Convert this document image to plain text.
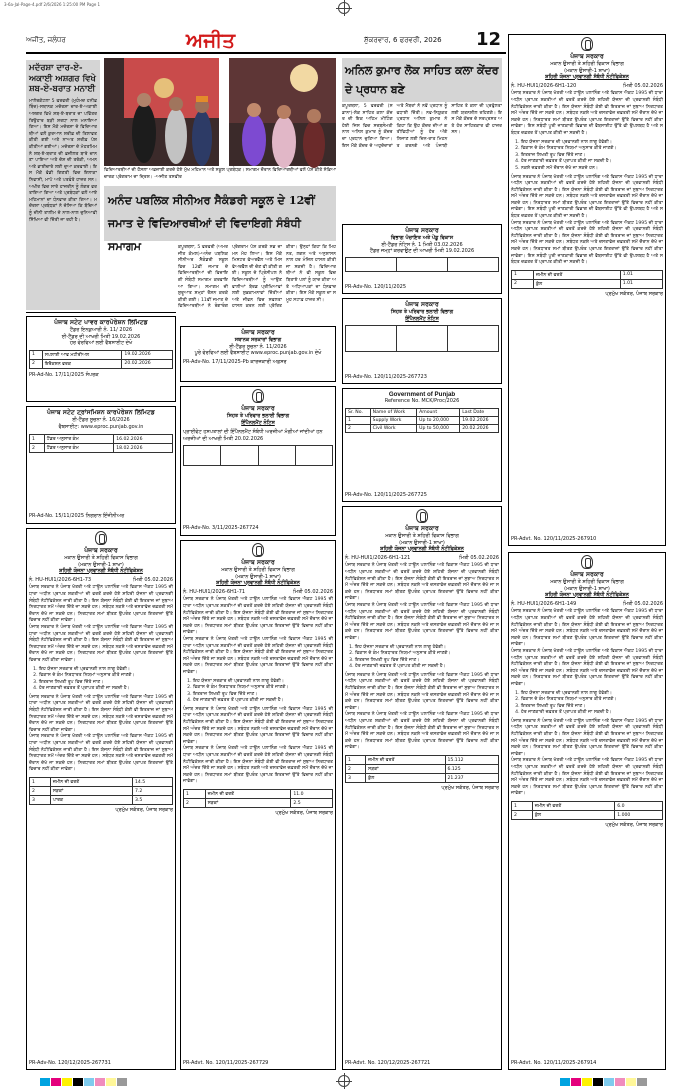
3-6a-Jal-Page-4.pdf 2/6/2026 1:25:00 PM Page 1
ਅਜੀਤ, ਜਲੰਧਰ	ਅਜੀਤ	ਸ਼ੁੱਕਰਵਾਰ, 6 ਫਰਵਰੀ, 2026 12
ਮਦੱਰਸ਼ਾ ਦਾਰ-ਏ- ਅਕਾਈ ਅਸ਼ਗਰ ਵਿਖੇ ਸ਼ਬ-ਏ-ਬਰਾਤ ਮਨਾਈ
ਮਾਲੇਰਕੋਟਲਾ 5 ਫਰਵਰੀ (ਮੁਹੰਮਦ ਹਨੀਫ਼ ਥਿੰਦ)-ਸਥਾਨਕ ਮਦੱਰਸ਼ਾ ਦਾਰ-ਏ-ਅਕਾਈ ਅਸ਼ਗਰ ਵਿਖੇ ਸ਼ਬ-ਏ-ਬਰਾਤ ਦਾ ਪਵਿੱਤਰ ਤਿਉਹਾਰ ਬੜੀ ਸ਼ਰਧਾ ਨਾਲ ਮਨਾਇਆ ਗਿਆ। ਇਸ ਮੌਕੇ ਮਦੱਰਸ਼ਾ ਦੇ ਵਿਦਿਆਰਥੀਆਂ ਵਲੋਂ ਕੁਰਆਨ ਸ਼ਰੀਫ਼ ਦੀ ਤਿਲਾਵਤ ਕੀਤੀ ਗਈ ਅਤੇ ਨਾਅਤ ਸ਼ਰੀਫ਼ ਪੇਸ਼ ਕੀਤੀਆਂ ਗਈਆਂ। ਮਦੱਰਸ਼ਾ ਦੇ ਮੋਹਤਮਿਮ ਨੇ ਸ਼ਬ-ਏ-ਬਰਾਤ ਦੀ ਫ਼ਜ਼ੀਲਤ ਬਾਰੇ ਚਾਨਣਾ ਪਾਇਆ ਅਤੇ ਦੇਸ਼ ਦੀ ਤਰੱਕੀ, ਅਮਨ ਅਤੇ ਭਾਈਚਾਰੇ ਲਈ ਦੁਆ ਕਰਵਾਈ। ਇਸ ਮੌਕੇ ਵੱਡੀ ਗਿਣਤੀ ਵਿਚ ਇਲਾਕਾ ਨਿਵਾਸੀ, ਮਾਪੇ ਅਤੇ ਪਤਵੰਤੇ ਹਾਜ਼ਰ ਸਨ। ਅਖੀਰ ਵਿਚ ਸਾਰੇ ਹਾਜ਼ਰੀਨ ਨੂੰ ਲੰਗਰ ਵਰਤਾਇਆ ਗਿਆ ਅਤੇ ਪ੍ਰਬੰਧਕਾਂ ਵਲੋਂ ਆਏ ਮਹਿਮਾਨਾਂ ਦਾ ਧੰਨਵਾਦ ਕੀਤਾ ਗਿਆ। ਮਦੱਰਸ਼ਾ ਪ੍ਰਬੰਧਕਾਂ ਨੇ ਦੱਸਿਆ ਕਿ ਬੱਚਿਆਂ ਨੂੰ ਦੀਨੀ ਤਾਲੀਮ ਦੇ ਨਾਲ-ਨਾਲ ਦੁਨਿਆਵੀ ਸਿੱਖਿਆ ਵੀ ਦਿੱਤੀ ਜਾ ਰਹੀ ਹੈ।
ਪੰਜਾਬ ਸਟੇਟ ਪਾਵਰ ਕਾਰਪੋਰੇਸ਼ਨ ਲਿਮਿਟਡ
ਟੈਂਡਰ ਇਨਕੁਆਰੀ ਨੰ. 11/ 2026
ਈ-ਟੈਂਡਰ ਦੀ ਆਖਰੀ ਮਿਤੀ 19.02.2026
ਹੋਰ ਵੇਰਵਿਆਂ ਲਈ ਵੈਬਸਾਈਟ ਦੇਖੋ
1	ਸਪਲਾਈ ਆਫ ਮਟੀਰੀਅਲ	19.02.2026
2	ਇਰੈਕਸ਼ਨ ਵਰਕ	20.02.2026
PR-Ad-No. 17/11/2025 ਸੰਪਰਕ
ਪੰਜਾਬ ਸਟੇਟ ਟ੍ਰਾਂਸਮਿਸ਼ਨ ਕਾਰਪੋਰੇਸ਼ਨ ਲਿਮਿਟਡ
ਈ-ਟੈਂਡਰ ਸੂਚਨਾ ਨੰ. 16/2026
ਵੈਬਸਾਈਟ: www.eproc.punjab.gov.in
1	ਟੈਂਡਰ ਅਨੁਸਾਰ ਕੰਮ	16.02.2026
2	ਟੈਂਡਰ ਅਨੁਸਾਰ ਕੰਮ	18.02.2026
PR-Ad-No. 15/11/2025 ਨਿਗਰਾਨ ਇੰਜੀਨੀਅਰ
ਵਿਦਿਆਰਥੀਆਂ ਦੀ ਹੌਸਲਾ ਅਫ਼ਜ਼ਾਈ ਕਰਦੇ ਹੋਏ ਮੁੱਖ ਮਹਿਮਾਨ ਅਤੇ ਸਕੂਲ ਪ੍ਰਬੰਧਕ। ਸਮਾਗਮ ਦੌਰਾਨ ਵਿਦਿਆਰਥੀਆਂ ਵਲੋਂ ਪੇਸ਼ ਕੀਤੇ ਸੱਭਿਆਚਾਰਕ ਪ੍ਰੋਗਰਾਮ ਦਾ ਦ੍ਰਿਸ਼। -ਅਜੀਤ ਤਸਵੀਰ
ਅਨੰਦ ਪਬਲਿਕ ਸੀਨੀਅਰ ਸੈਕੰਡਰੀ ਸਕੂਲ ਦੇ 12ਵੀਂ ਜਮਾਤ ਦੇ ਵਿਦਿਆਰਥੀਆਂ ਦੀ ਵਿਦਾਇਗੀ ਸੰਬੰਧੀ ਸਮਾਗਮ	ਕਪੂਰਥਲਾ, 5 ਫਰਵਰੀ (ਅਮਰਜੀਤ ਕੋਮਲ)-ਅਨੰਦ ਪਬਲਿਕ ਸੀਨੀਅਰ ਸੈਕੰਡਰੀ ਸਕੂਲ ਵਿਚ 12ਵੀਂ ਜਮਾਤ ਦੇ ਵਿਦਿਆਰਥੀਆਂ ਦੀ ਵਿਦਾਇਗੀ ਸੰਬੰਧੀ ਸਮਾਗਮ ਕਰਵਾਇਆ ਗਿਆ। ਸਮਾਗਮ ਦੀ ਸ਼ੁਰੂਆਤ ਸ਼ਮ੍ਹਾਂ ਰੌਸ਼ਨ ਕਰਕੇ ਕੀਤੀ ਗਈ। 11ਵੀਂ ਜਮਾਤ ਦੇ ਵਿਦਿਆਰਥੀਆਂ ਨੇ ਰੰਗਾਰੰਗ ਪ੍ਰੋਗਰਾਮ ਪੇਸ਼ ਕਰਕੇ ਸਭ ਦਾ ਮਨ ਮੋਹ ਲਿਆ। ਇਸ ਮੌਕੇ ਮਿਸਟਰ ਫੇਅਰਵੈੱਲ ਅਤੇ ਮਿਸ ਫੇਅਰਵੈੱਲ ਦੀ ਚੋਣ ਵੀ ਕੀਤੀ ਗਈ। ਸਕੂਲ ਦੇ ਪ੍ਰਿੰਸੀਪਲ ਨੇ ਵਿਦਿਆਰਥੀਆਂ ਨੂੰ ਆਉਣ ਵਾਲੀਆਂ ਬੋਰਡ ਪ੍ਰੀਖਿਆਵਾਂ ਲਈ ਸ਼ੁਭਕਾਮਨਾਵਾਂ ਦਿੱਤੀਆਂ ਅਤੇ ਜੀਵਨ ਵਿਚ ਸਫਲਤਾ ਹਾਸਲ ਕਰਨ ਲਈ ਪ੍ਰੇਰਿਤ ਕੀਤਾ। ਉਨ੍ਹਾਂ ਕਿਹਾ ਕਿ ਮਿਹਨਤ, ਲਗਨ ਅਤੇ ਅਨੁਸ਼ਾਸਨ ਨਾਲ ਹਰ ਮੰਜ਼ਿਲ ਹਾਸਲ ਕੀਤੀ ਜਾ ਸਕਦੀ ਹੈ। ਵਿਦਿਆਰਥੀਆਂ ਨੇ ਵੀ ਸਕੂਲ ਵਿਚ ਬਿਤਾਏ ਪਲਾਂ ਨੂੰ ਯਾਦ ਕੀਤਾ ਅਤੇ ਅਧਿਆਪਕਾਂ ਦਾ ਧੰਨਵਾਦ ਕੀਤਾ। ਇਸ ਮੌਕੇ ਸਕੂਲ ਦਾ ਸਮੂਹ ਸਟਾਫ਼ ਹਾਜ਼ਰ ਸੀ।
ਪੰਜਾਬ ਸਰਕਾਰ
ਸਥਾਨਕ ਸਰਕਾਰਾਂ ਵਿਭਾਗ
ਈ-ਟੈਂਡਰ ਸੂਚਨਾ ਨੰ. 11/2026
ਪੂਰੇ ਵੇਰਵਿਆਂ ਲਈ ਵੈਬਸਾਈਟ www.eproc.punjab.gov.in ਦੇਖੋ
PR-Adv-No. 17/11/2025-Pb ਕਾਰਜਕਾਰੀ ਅਫ਼ਸਰ
ਪੰਜਾਬ ਸਰਕਾਰ
ਸਿਹਤ ਤੇ ਪਰਿਵਾਰ ਭਲਾਈ ਵਿਭਾਗ
ਇੰਪੈਨਲਮੈਂਟ ਨੋਟਿਸ
ਪ੍ਰਾਈਵੇਟ ਹਸਪਤਾਲਾਂ ਦੀ ਇੰਪੈਨਲਮੈਂਟ ਸੰਬੰਧੀ ਅਰਜ਼ੀਆਂ ਮੰਗੀਆਂ ਜਾਂਦੀਆਂ ਹਨ
ਅਰਜ਼ੀਆਂ ਦੀ ਆਖਰੀ ਮਿਤੀ 20.02.2026

PR-Adv-No. 3/11/2025-267724
ਅਨਿਲ ਕੁਮਾਰ ਲੋਕ ਸਾਹਿਤ ਕਲਾ ਕੇਂਦਰ ਦੇ ਪ੍ਰਧਾਨ ਬਣੇ
ਕਪੂਰਥਲਾ, 5 ਫਰਵਰੀ (ਸਡਾਨਾ)-ਲੋਕ ਸਾਹਿਤ ਕਲਾ ਕੇਂਦਰ ਦੀ ਇਕ ਅਹਿਮ ਮੀਟਿੰਗ ਹੋਈ ਜਿਸ ਵਿਚ ਸਰਬਸੰਮਤੀ ਨਾਲ ਅਨਿਲ ਕੁਮਾਰ ਨੂੰ ਕੇਂਦਰ ਦਾ ਪ੍ਰਧਾਨ ਚੁਣਿਆ ਗਿਆ। ਇਸ ਮੌਕੇ ਕੇਂਦਰ ਦੇ ਅਹੁਦੇਦਾਰਾਂ ਅਤੇ ਮੈਂਬਰਾਂ ਨੇ ਨਵੇਂ ਪ੍ਰਧਾਨ ਨੂੰ ਵਧਾਈ ਦਿੱਤੀ। ਨਵ-ਨਿਯੁਕਤ ਪ੍ਰਧਾਨ ਅਨਿਲ ਕੁਮਾਰ ਨੇ ਕਿਹਾ ਕਿ ਉਹ ਕੇਂਦਰ ਦੀਆਂ ਗਤੀਵਿਧੀਆਂ ਨੂੰ ਹੋਰ ਅੱਗੇ ਲਿਜਾਣ ਲਈ ਦਿਨ-ਰਾਤ ਮਿਹਨਤ ਕਰਨਗੇ ਅਤੇ ਪੰਜਾਬੀ ਸਾਹਿਤ ਤੇ ਕਲਾ ਦੀ ਪ੍ਰਫੁੱਲਤਾ ਲਈ ਯਤਨਸ਼ੀਲ ਰਹਿਣਗੇ। ਇਸ ਮੌਕੇ ਕੇਂਦਰ ਦੇ ਸਰਪ੍ਰਸਤ ਅਤੇ ਹੋਰ ਸਾਹਿਤਕਾਰ ਵੀ ਹਾਜ਼ਰ ਸਨ।
ਪੰਜਾਬ ਸਰਕਾਰ
ਵਿਭਾਗ ਪੰਚਾਇਤ ਅਤੇ ਪੇਂਡੂ ਵਿਕਾਸ
ਈ-ਟੈਂਡਰ ਨੋਟਿਸ ਨੰ. 1 ਮਿਤੀ 03.02.2026
ਟੈਂਡਰ ਜਮ੍ਹਾਂ ਕਰਵਾਉਣ ਦੀ ਆਖਰੀ ਮਿਤੀ 19.02.2026

PR-Adv-No. 120/11/2025
ਪੰਜਾਬ ਸਰਕਾਰ
ਸਿਹਤ ਤੇ ਪਰਿਵਾਰ ਭਲਾਈ ਵਿਭਾਗ
ਇੰਪੈਨਲਮੈਂਟ ਨੋਟਿਸ

PR-Adv-No. 120/11/2025-267723
Government of Punjab
Reference No. MCK/Proc/2026
Sr. No.	Name of Work	Amount	Last Date
1	Supply Work	Up to 20,000	19.02.2026
2	Civil Work	Up to 50,000	20.02.2026
PR-Adv-No. 120/11/2025-267725
ਪੰਜਾਬ ਸਰਕਾਰ
ਮਕਾਨ ਉਸਾਰੀ ਤੇ ਸ਼ਹਿਰੀ ਵਿਕਾਸ ਵਿਭਾਗ
(ਮਕਾਨ ਉਸਾਰੀ-1 ਸ਼ਾਖਾ)
ਸ਼ਹਿਰੀ ਯੋਜਨਾ ਪ੍ਰਵਾਨਗੀ ਸੰਬੰਧੀ ਨੋਟੀਫਿਕੇਸ਼ਨ
ਨੰ. HU-HUI1/2026-6H1-120	ਮਿਤੀ 05.02.2026
ਪੰਜਾਬ ਸਰਕਾਰ ਨੇ ਪੰਜਾਬ ਖੇਤਰੀ ਅਤੇ ਟਾਊਨ ਪਲਾਨਿੰਗ ਅਤੇ ਵਿਕਾਸ ਐਕਟ 1995 ਦੀ ਧਾਰਾ ਅਧੀਨ ਪ੍ਰਾਪਤ ਸ਼ਕਤੀਆਂ ਦੀ ਵਰਤੋਂ ਕਰਦੇ ਹੋਏ ਸ਼ਹਿਰੀ ਯੋਜਨਾ ਦੀ ਪ੍ਰਵਾਨਗੀ ਸੰਬੰਧੀ ਨੋਟੀਫਿਕੇਸ਼ਨ ਜਾਰੀ ਕੀਤਾ ਹੈ। ਇਸ ਯੋਜਨਾ ਸੰਬੰਧੀ ਕੋਈ ਵੀ ਇਤਰਾਜ਼ ਜਾਂ ਸੁਝਾਅ ਨਿਰਧਾਰਤ ਸਮੇਂ ਅੰਦਰ ਦਿੱਤੇ ਜਾ ਸਕਦੇ ਹਨ। ਸਬੰਧਤ ਨਕਸ਼ੇ ਅਤੇ ਦਸਤਾਵੇਜ਼ ਦਫ਼ਤਰੀ ਸਮੇਂ ਦੌਰਾਨ ਦੇਖੇ ਜਾ ਸਕਦੇ ਹਨ। ਨਿਰਧਾਰਤ ਸਮਾਂ ਬੀਤਣ ਉਪਰੰਤ ਪ੍ਰਾਪਤ ਇਤਰਾਜ਼ਾਂ ਉੱਤੇ ਵਿਚਾਰ ਨਹੀਂ ਕੀਤਾ ਜਾਵੇਗਾ। ਇਸ ਸਬੰਧੀ ਪੂਰੀ ਜਾਣਕਾਰੀ ਵਿਭਾਗ ਦੀ ਵੈਬਸਾਈਟ ਉੱਤੇ ਵੀ ਉਪਲਬਧ ਹੈ ਅਤੇ ਸਬੰਧਤ ਦਫ਼ਤਰ ਤੋਂ ਪ੍ਰਾਪਤ ਕੀਤੀ ਜਾ ਸਕਦੀ ਹੈ।
1. ਇਹ ਯੋਜਨਾ ਸਰਕਾਰ ਦੀ ਪ੍ਰਵਾਨਗੀ ਨਾਲ ਲਾਗੂ ਹੋਵੇਗੀ।
2. ਵਿਕਾਸ ਦੇ ਕੰਮ ਨਿਰਧਾਰਤ ਨਿਯਮਾਂ ਅਨੁਸਾਰ ਕੀਤੇ ਜਾਣਗੇ।
3. ਇਤਰਾਜ਼ ਲਿਖਤੀ ਰੂਪ ਵਿਚ ਦਿੱਤੇ ਜਾਣ।
4. ਹੋਰ ਜਾਣਕਾਰੀ ਦਫ਼ਤਰ ਤੋਂ ਪ੍ਰਾਪਤ ਕੀਤੀ ਜਾ ਸਕਦੀ ਹੈ।
5. ਨਕਸ਼ੇ ਦਫ਼ਤਰੀ ਸਮੇਂ ਦੌਰਾਨ ਦੇਖੇ ਜਾ ਸਕਦੇ ਹਨ।
ਪੰਜਾਬ ਸਰਕਾਰ ਨੇ ਪੰਜਾਬ ਖੇਤਰੀ ਅਤੇ ਟਾਊਨ ਪਲਾਨਿੰਗ ਅਤੇ ਵਿਕਾਸ ਐਕਟ 1995 ਦੀ ਧਾਰਾ ਅਧੀਨ ਪ੍ਰਾਪਤ ਸ਼ਕਤੀਆਂ ਦੀ ਵਰਤੋਂ ਕਰਦੇ ਹੋਏ ਸ਼ਹਿਰੀ ਯੋਜਨਾ ਦੀ ਪ੍ਰਵਾਨਗੀ ਸੰਬੰਧੀ ਨੋਟੀਫਿਕੇਸ਼ਨ ਜਾਰੀ ਕੀਤਾ ਹੈ। ਇਸ ਯੋਜਨਾ ਸੰਬੰਧੀ ਕੋਈ ਵੀ ਇਤਰਾਜ਼ ਜਾਂ ਸੁਝਾਅ ਨਿਰਧਾਰਤ ਸਮੇਂ ਅੰਦਰ ਦਿੱਤੇ ਜਾ ਸਕਦੇ ਹਨ। ਸਬੰਧਤ ਨਕਸ਼ੇ ਅਤੇ ਦਸਤਾਵੇਜ਼ ਦਫ਼ਤਰੀ ਸਮੇਂ ਦੌਰਾਨ ਦੇਖੇ ਜਾ ਸਕਦੇ ਹਨ। ਨਿਰਧਾਰਤ ਸਮਾਂ ਬੀਤਣ ਉਪਰੰਤ ਪ੍ਰਾਪਤ ਇਤਰਾਜ਼ਾਂ ਉੱਤੇ ਵਿਚਾਰ ਨਹੀਂ ਕੀਤਾ ਜਾਵੇਗਾ। ਇਸ ਸਬੰਧੀ ਪੂਰੀ ਜਾਣਕਾਰੀ ਵਿਭਾਗ ਦੀ ਵੈਬਸਾਈਟ ਉੱਤੇ ਵੀ ਉਪਲਬਧ ਹੈ ਅਤੇ ਸਬੰਧਤ ਦਫ਼ਤਰ ਤੋਂ ਪ੍ਰਾਪਤ ਕੀਤੀ ਜਾ ਸਕਦੀ ਹੈ।
ਪੰਜਾਬ ਸਰਕਾਰ ਨੇ ਪੰਜਾਬ ਖੇਤਰੀ ਅਤੇ ਟਾਊਨ ਪਲਾਨਿੰਗ ਅਤੇ ਵਿਕਾਸ ਐਕਟ 1995 ਦੀ ਧਾਰਾ ਅਧੀਨ ਪ੍ਰਾਪਤ ਸ਼ਕਤੀਆਂ ਦੀ ਵਰਤੋਂ ਕਰਦੇ ਹੋਏ ਸ਼ਹਿਰੀ ਯੋਜਨਾ ਦੀ ਪ੍ਰਵਾਨਗੀ ਸੰਬੰਧੀ ਨੋਟੀਫਿਕੇਸ਼ਨ ਜਾਰੀ ਕੀਤਾ ਹੈ। ਇਸ ਯੋਜਨਾ ਸੰਬੰਧੀ ਕੋਈ ਵੀ ਇਤਰਾਜ਼ ਜਾਂ ਸੁਝਾਅ ਨਿਰਧਾਰਤ ਸਮੇਂ ਅੰਦਰ ਦਿੱਤੇ ਜਾ ਸਕਦੇ ਹਨ। ਸਬੰਧਤ ਨਕਸ਼ੇ ਅਤੇ ਦਸਤਾਵੇਜ਼ ਦਫ਼ਤਰੀ ਸਮੇਂ ਦੌਰਾਨ ਦੇਖੇ ਜਾ ਸਕਦੇ ਹਨ। ਨਿਰਧਾਰਤ ਸਮਾਂ ਬੀਤਣ ਉਪਰੰਤ ਪ੍ਰਾਪਤ ਇਤਰਾਜ਼ਾਂ ਉੱਤੇ ਵਿਚਾਰ ਨਹੀਂ ਕੀਤਾ ਜਾਵੇਗਾ। ਇਸ ਸਬੰਧੀ ਪੂਰੀ ਜਾਣਕਾਰੀ ਵਿਭਾਗ ਦੀ ਵੈਬਸਾਈਟ ਉੱਤੇ ਵੀ ਉਪਲਬਧ ਹੈ ਅਤੇ ਸਬੰਧਤ ਦਫ਼ਤਰ ਤੋਂ ਪ੍ਰਾਪਤ ਕੀਤੀ ਜਾ ਸਕਦੀ ਹੈ।
1	ਜ਼ਮੀਨ ਦੀ ਵਰਤੋਂ	1.01
2	ਕੁੱਲ	1.01
ਪ੍ਰਮੁੱਖ ਸਕੱਤਰ, ਪੰਜਾਬ ਸਰਕਾਰ
PR-Advt. No. 120/11/2025-267910
ਪੰਜਾਬ ਸਰਕਾਰ
ਮਕਾਨ ਉਸਾਰੀ ਤੇ ਸ਼ਹਿਰੀ ਵਿਕਾਸ ਵਿਭਾਗ
(ਮਕਾਨ ਉਸਾਰੀ-1 ਸ਼ਾਖਾ)
ਸ਼ਹਿਰੀ ਯੋਜਨਾ ਪ੍ਰਵਾਨਗੀ ਸੰਬੰਧੀ ਨੋਟੀਫਿਕੇਸ਼ਨ
ਨੰ. HU-HUI1/2026-6H1-73	ਮਿਤੀ 05.02.2026
ਪੰਜਾਬ ਸਰਕਾਰ ਨੇ ਪੰਜਾਬ ਖੇਤਰੀ ਅਤੇ ਟਾਊਨ ਪਲਾਨਿੰਗ ਅਤੇ ਵਿਕਾਸ ਐਕਟ 1995 ਦੀ ਧਾਰਾ ਅਧੀਨ ਪ੍ਰਾਪਤ ਸ਼ਕਤੀਆਂ ਦੀ ਵਰਤੋਂ ਕਰਦੇ ਹੋਏ ਸ਼ਹਿਰੀ ਯੋਜਨਾ ਦੀ ਪ੍ਰਵਾਨਗੀ ਸੰਬੰਧੀ ਨੋਟੀਫਿਕੇਸ਼ਨ ਜਾਰੀ ਕੀਤਾ ਹੈ। ਇਸ ਯੋਜਨਾ ਸੰਬੰਧੀ ਕੋਈ ਵੀ ਇਤਰਾਜ਼ ਜਾਂ ਸੁਝਾਅ ਨਿਰਧਾਰਤ ਸਮੇਂ ਅੰਦਰ ਦਿੱਤੇ ਜਾ ਸਕਦੇ ਹਨ। ਸਬੰਧਤ ਨਕਸ਼ੇ ਅਤੇ ਦਸਤਾਵੇਜ਼ ਦਫ਼ਤਰੀ ਸਮੇਂ ਦੌਰਾਨ ਦੇਖੇ ਜਾ ਸਕਦੇ ਹਨ। ਨਿਰਧਾਰਤ ਸਮਾਂ ਬੀਤਣ ਉਪਰੰਤ ਪ੍ਰਾਪਤ ਇਤਰਾਜ਼ਾਂ ਉੱਤੇ ਵਿਚਾਰ ਨਹੀਂ ਕੀਤਾ ਜਾਵੇਗਾ।
ਪੰਜਾਬ ਸਰਕਾਰ ਨੇ ਪੰਜਾਬ ਖੇਤਰੀ ਅਤੇ ਟਾਊਨ ਪਲਾਨਿੰਗ ਅਤੇ ਵਿਕਾਸ ਐਕਟ 1995 ਦੀ ਧਾਰਾ ਅਧੀਨ ਪ੍ਰਾਪਤ ਸ਼ਕਤੀਆਂ ਦੀ ਵਰਤੋਂ ਕਰਦੇ ਹੋਏ ਸ਼ਹਿਰੀ ਯੋਜਨਾ ਦੀ ਪ੍ਰਵਾਨਗੀ ਸੰਬੰਧੀ ਨੋਟੀਫਿਕੇਸ਼ਨ ਜਾਰੀ ਕੀਤਾ ਹੈ। ਇਸ ਯੋਜਨਾ ਸੰਬੰਧੀ ਕੋਈ ਵੀ ਇਤਰਾਜ਼ ਜਾਂ ਸੁਝਾਅ ਨਿਰਧਾਰਤ ਸਮੇਂ ਅੰਦਰ ਦਿੱਤੇ ਜਾ ਸਕਦੇ ਹਨ। ਸਬੰਧਤ ਨਕਸ਼ੇ ਅਤੇ ਦਸਤਾਵੇਜ਼ ਦਫ਼ਤਰੀ ਸਮੇਂ ਦੌਰਾਨ ਦੇਖੇ ਜਾ ਸਕਦੇ ਹਨ। ਨਿਰਧਾਰਤ ਸਮਾਂ ਬੀਤਣ ਉਪਰੰਤ ਪ੍ਰਾਪਤ ਇਤਰਾਜ਼ਾਂ ਉੱਤੇ ਵਿਚਾਰ ਨਹੀਂ ਕੀਤਾ ਜਾਵੇਗਾ।
1. ਇਹ ਯੋਜਨਾ ਸਰਕਾਰ ਦੀ ਪ੍ਰਵਾਨਗੀ ਨਾਲ ਲਾਗੂ ਹੋਵੇਗੀ।
2. ਵਿਕਾਸ ਦੇ ਕੰਮ ਨਿਰਧਾਰਤ ਨਿਯਮਾਂ ਅਨੁਸਾਰ ਕੀਤੇ ਜਾਣਗੇ।
3. ਇਤਰਾਜ਼ ਲਿਖਤੀ ਰੂਪ ਵਿਚ ਦਿੱਤੇ ਜਾਣ।
4. ਹੋਰ ਜਾਣਕਾਰੀ ਦਫ਼ਤਰ ਤੋਂ ਪ੍ਰਾਪਤ ਕੀਤੀ ਜਾ ਸਕਦੀ ਹੈ।
ਪੰਜਾਬ ਸਰਕਾਰ ਨੇ ਪੰਜਾਬ ਖੇਤਰੀ ਅਤੇ ਟਾਊਨ ਪਲਾਨਿੰਗ ਅਤੇ ਵਿਕਾਸ ਐਕਟ 1995 ਦੀ ਧਾਰਾ ਅਧੀਨ ਪ੍ਰਾਪਤ ਸ਼ਕਤੀਆਂ ਦੀ ਵਰਤੋਂ ਕਰਦੇ ਹੋਏ ਸ਼ਹਿਰੀ ਯੋਜਨਾ ਦੀ ਪ੍ਰਵਾਨਗੀ ਸੰਬੰਧੀ ਨੋਟੀਫਿਕੇਸ਼ਨ ਜਾਰੀ ਕੀਤਾ ਹੈ। ਇਸ ਯੋਜਨਾ ਸੰਬੰਧੀ ਕੋਈ ਵੀ ਇਤਰਾਜ਼ ਜਾਂ ਸੁਝਾਅ ਨਿਰਧਾਰਤ ਸਮੇਂ ਅੰਦਰ ਦਿੱਤੇ ਜਾ ਸਕਦੇ ਹਨ। ਸਬੰਧਤ ਨਕਸ਼ੇ ਅਤੇ ਦਸਤਾਵੇਜ਼ ਦਫ਼ਤਰੀ ਸਮੇਂ ਦੌਰਾਨ ਦੇਖੇ ਜਾ ਸਕਦੇ ਹਨ। ਨਿਰਧਾਰਤ ਸਮਾਂ ਬੀਤਣ ਉਪਰੰਤ ਪ੍ਰਾਪਤ ਇਤਰਾਜ਼ਾਂ ਉੱਤੇ ਵਿਚਾਰ ਨਹੀਂ ਕੀਤਾ ਜਾਵੇਗਾ।
ਪੰਜਾਬ ਸਰਕਾਰ ਨੇ ਪੰਜਾਬ ਖੇਤਰੀ ਅਤੇ ਟਾਊਨ ਪਲਾਨਿੰਗ ਅਤੇ ਵਿਕਾਸ ਐਕਟ 1995 ਦੀ ਧਾਰਾ ਅਧੀਨ ਪ੍ਰਾਪਤ ਸ਼ਕਤੀਆਂ ਦੀ ਵਰਤੋਂ ਕਰਦੇ ਹੋਏ ਸ਼ਹਿਰੀ ਯੋਜਨਾ ਦੀ ਪ੍ਰਵਾਨਗੀ ਸੰਬੰਧੀ ਨੋਟੀਫਿਕੇਸ਼ਨ ਜਾਰੀ ਕੀਤਾ ਹੈ। ਇਸ ਯੋਜਨਾ ਸੰਬੰਧੀ ਕੋਈ ਵੀ ਇਤਰਾਜ਼ ਜਾਂ ਸੁਝਾਅ ਨਿਰਧਾਰਤ ਸਮੇਂ ਅੰਦਰ ਦਿੱਤੇ ਜਾ ਸਕਦੇ ਹਨ। ਸਬੰਧਤ ਨਕਸ਼ੇ ਅਤੇ ਦਸਤਾਵੇਜ਼ ਦਫ਼ਤਰੀ ਸਮੇਂ ਦੌਰਾਨ ਦੇਖੇ ਜਾ ਸਕਦੇ ਹਨ। ਨਿਰਧਾਰਤ ਸਮਾਂ ਬੀਤਣ ਉਪਰੰਤ ਪ੍ਰਾਪਤ ਇਤਰਾਜ਼ਾਂ ਉੱਤੇ ਵਿਚਾਰ ਨਹੀਂ ਕੀਤਾ ਜਾਵੇਗਾ।
1	ਜ਼ਮੀਨ ਦੀ ਵਰਤੋਂ	14.5
2	ਸੜਕਾਂ	7.2
3	ਪਾਰਕ	3.5
ਪ੍ਰਮੁੱਖ ਸਕੱਤਰ, ਪੰਜਾਬ ਸਰਕਾਰ
PR-Adv-No. 120/12/2025-267731
ਪੰਜਾਬ ਸਰਕਾਰ
ਮਕਾਨ ਉਸਾਰੀ ਤੇ ਸ਼ਹਿਰੀ ਵਿਕਾਸ ਵਿਭਾਗ
(ਮਕਾਨ ਉਸਾਰੀ-1 ਸ਼ਾਖਾ)
ਸ਼ਹਿਰੀ ਯੋਜਨਾ ਪ੍ਰਵਾਨਗੀ ਸੰਬੰਧੀ ਨੋਟੀਫਿਕੇਸ਼ਨ
ਨੰ. HU-HUI1/2026-6H1-71	ਮਿਤੀ 05.02.2026
ਪੰਜਾਬ ਸਰਕਾਰ ਨੇ ਪੰਜਾਬ ਖੇਤਰੀ ਅਤੇ ਟਾਊਨ ਪਲਾਨਿੰਗ ਅਤੇ ਵਿਕਾਸ ਐਕਟ 1995 ਦੀ ਧਾਰਾ ਅਧੀਨ ਪ੍ਰਾਪਤ ਸ਼ਕਤੀਆਂ ਦੀ ਵਰਤੋਂ ਕਰਦੇ ਹੋਏ ਸ਼ਹਿਰੀ ਯੋਜਨਾ ਦੀ ਪ੍ਰਵਾਨਗੀ ਸੰਬੰਧੀ ਨੋਟੀਫਿਕੇਸ਼ਨ ਜਾਰੀ ਕੀਤਾ ਹੈ। ਇਸ ਯੋਜਨਾ ਸੰਬੰਧੀ ਕੋਈ ਵੀ ਇਤਰਾਜ਼ ਜਾਂ ਸੁਝਾਅ ਨਿਰਧਾਰਤ ਸਮੇਂ ਅੰਦਰ ਦਿੱਤੇ ਜਾ ਸਕਦੇ ਹਨ। ਸਬੰਧਤ ਨਕਸ਼ੇ ਅਤੇ ਦਸਤਾਵੇਜ਼ ਦਫ਼ਤਰੀ ਸਮੇਂ ਦੌਰਾਨ ਦੇਖੇ ਜਾ ਸਕਦੇ ਹਨ। ਨਿਰਧਾਰਤ ਸਮਾਂ ਬੀਤਣ ਉਪਰੰਤ ਪ੍ਰਾਪਤ ਇਤਰਾਜ਼ਾਂ ਉੱਤੇ ਵਿਚਾਰ ਨਹੀਂ ਕੀਤਾ ਜਾਵੇਗਾ।
ਪੰਜਾਬ ਸਰਕਾਰ ਨੇ ਪੰਜਾਬ ਖੇਤਰੀ ਅਤੇ ਟਾਊਨ ਪਲਾਨਿੰਗ ਅਤੇ ਵਿਕਾਸ ਐਕਟ 1995 ਦੀ ਧਾਰਾ ਅਧੀਨ ਪ੍ਰਾਪਤ ਸ਼ਕਤੀਆਂ ਦੀ ਵਰਤੋਂ ਕਰਦੇ ਹੋਏ ਸ਼ਹਿਰੀ ਯੋਜਨਾ ਦੀ ਪ੍ਰਵਾਨਗੀ ਸੰਬੰਧੀ ਨੋਟੀਫਿਕੇਸ਼ਨ ਜਾਰੀ ਕੀਤਾ ਹੈ। ਇਸ ਯੋਜਨਾ ਸੰਬੰਧੀ ਕੋਈ ਵੀ ਇਤਰਾਜ਼ ਜਾਂ ਸੁਝਾਅ ਨਿਰਧਾਰਤ ਸਮੇਂ ਅੰਦਰ ਦਿੱਤੇ ਜਾ ਸਕਦੇ ਹਨ। ਸਬੰਧਤ ਨਕਸ਼ੇ ਅਤੇ ਦਸਤਾਵੇਜ਼ ਦਫ਼ਤਰੀ ਸਮੇਂ ਦੌਰਾਨ ਦੇਖੇ ਜਾ ਸਕਦੇ ਹਨ। ਨਿਰਧਾਰਤ ਸਮਾਂ ਬੀਤਣ ਉਪਰੰਤ ਪ੍ਰਾਪਤ ਇਤਰਾਜ਼ਾਂ ਉੱਤੇ ਵਿਚਾਰ ਨਹੀਂ ਕੀਤਾ ਜਾਵੇਗਾ।
1. ਇਹ ਯੋਜਨਾ ਸਰਕਾਰ ਦੀ ਪ੍ਰਵਾਨਗੀ ਨਾਲ ਲਾਗੂ ਹੋਵੇਗੀ।
2. ਵਿਕਾਸ ਦੇ ਕੰਮ ਨਿਰਧਾਰਤ ਨਿਯਮਾਂ ਅਨੁਸਾਰ ਕੀਤੇ ਜਾਣਗੇ।
3. ਇਤਰਾਜ਼ ਲਿਖਤੀ ਰੂਪ ਵਿਚ ਦਿੱਤੇ ਜਾਣ।
4. ਹੋਰ ਜਾਣਕਾਰੀ ਦਫ਼ਤਰ ਤੋਂ ਪ੍ਰਾਪਤ ਕੀਤੀ ਜਾ ਸਕਦੀ ਹੈ।
ਪੰਜਾਬ ਸਰਕਾਰ ਨੇ ਪੰਜਾਬ ਖੇਤਰੀ ਅਤੇ ਟਾਊਨ ਪਲਾਨਿੰਗ ਅਤੇ ਵਿਕਾਸ ਐਕਟ 1995 ਦੀ ਧਾਰਾ ਅਧੀਨ ਪ੍ਰਾਪਤ ਸ਼ਕਤੀਆਂ ਦੀ ਵਰਤੋਂ ਕਰਦੇ ਹੋਏ ਸ਼ਹਿਰੀ ਯੋਜਨਾ ਦੀ ਪ੍ਰਵਾਨਗੀ ਸੰਬੰਧੀ ਨੋਟੀਫਿਕੇਸ਼ਨ ਜਾਰੀ ਕੀਤਾ ਹੈ। ਇਸ ਯੋਜਨਾ ਸੰਬੰਧੀ ਕੋਈ ਵੀ ਇਤਰਾਜ਼ ਜਾਂ ਸੁਝਾਅ ਨਿਰਧਾਰਤ ਸਮੇਂ ਅੰਦਰ ਦਿੱਤੇ ਜਾ ਸਕਦੇ ਹਨ। ਸਬੰਧਤ ਨਕਸ਼ੇ ਅਤੇ ਦਸਤਾਵੇਜ਼ ਦਫ਼ਤਰੀ ਸਮੇਂ ਦੌਰਾਨ ਦੇਖੇ ਜਾ ਸਕਦੇ ਹਨ। ਨਿਰਧਾਰਤ ਸਮਾਂ ਬੀਤਣ ਉਪਰੰਤ ਪ੍ਰਾਪਤ ਇਤਰਾਜ਼ਾਂ ਉੱਤੇ ਵਿਚਾਰ ਨਹੀਂ ਕੀਤਾ ਜਾਵੇਗਾ।
ਪੰਜਾਬ ਸਰਕਾਰ ਨੇ ਪੰਜਾਬ ਖੇਤਰੀ ਅਤੇ ਟਾਊਨ ਪਲਾਨਿੰਗ ਅਤੇ ਵਿਕਾਸ ਐਕਟ 1995 ਦੀ ਧਾਰਾ ਅਧੀਨ ਪ੍ਰਾਪਤ ਸ਼ਕਤੀਆਂ ਦੀ ਵਰਤੋਂ ਕਰਦੇ ਹੋਏ ਸ਼ਹਿਰੀ ਯੋਜਨਾ ਦੀ ਪ੍ਰਵਾਨਗੀ ਸੰਬੰਧੀ ਨੋਟੀਫਿਕੇਸ਼ਨ ਜਾਰੀ ਕੀਤਾ ਹੈ। ਇਸ ਯੋਜਨਾ ਸੰਬੰਧੀ ਕੋਈ ਵੀ ਇਤਰਾਜ਼ ਜਾਂ ਸੁਝਾਅ ਨਿਰਧਾਰਤ ਸਮੇਂ ਅੰਦਰ ਦਿੱਤੇ ਜਾ ਸਕਦੇ ਹਨ। ਸਬੰਧਤ ਨਕਸ਼ੇ ਅਤੇ ਦਸਤਾਵੇਜ਼ ਦਫ਼ਤਰੀ ਸਮੇਂ ਦੌਰਾਨ ਦੇਖੇ ਜਾ ਸਕਦੇ ਹਨ। ਨਿਰਧਾਰਤ ਸਮਾਂ ਬੀਤਣ ਉਪਰੰਤ ਪ੍ਰਾਪਤ ਇਤਰਾਜ਼ਾਂ ਉੱਤੇ ਵਿਚਾਰ ਨਹੀਂ ਕੀਤਾ ਜਾਵੇਗਾ।
1	ਜ਼ਮੀਨ ਦੀ ਵਰਤੋਂ	11.0
2	ਸੜਕਾਂ	2.5
ਪ੍ਰਮੁੱਖ ਸਕੱਤਰ, ਪੰਜਾਬ ਸਰਕਾਰ
PR-Advt. No. 120/11/2025-267729
ਪੰਜਾਬ ਸਰਕਾਰ
ਮਕਾਨ ਉਸਾਰੀ ਤੇ ਸ਼ਹਿਰੀ ਵਿਕਾਸ ਵਿਭਾਗ
(ਮਕਾਨ ਉਸਾਰੀ-1 ਸ਼ਾਖਾ)
ਸ਼ਹਿਰੀ ਯੋਜਨਾ ਪ੍ਰਵਾਨਗੀ ਸੰਬੰਧੀ ਨੋਟੀਫਿਕੇਸ਼ਨ
ਨੰ. HU-HUI1/2026-6H1-121	ਮਿਤੀ 05.02.2026
ਪੰਜਾਬ ਸਰਕਾਰ ਨੇ ਪੰਜਾਬ ਖੇਤਰੀ ਅਤੇ ਟਾਊਨ ਪਲਾਨਿੰਗ ਅਤੇ ਵਿਕਾਸ ਐਕਟ 1995 ਦੀ ਧਾਰਾ ਅਧੀਨ ਪ੍ਰਾਪਤ ਸ਼ਕਤੀਆਂ ਦੀ ਵਰਤੋਂ ਕਰਦੇ ਹੋਏ ਸ਼ਹਿਰੀ ਯੋਜਨਾ ਦੀ ਪ੍ਰਵਾਨਗੀ ਸੰਬੰਧੀ ਨੋਟੀਫਿਕੇਸ਼ਨ ਜਾਰੀ ਕੀਤਾ ਹੈ। ਇਸ ਯੋਜਨਾ ਸੰਬੰਧੀ ਕੋਈ ਵੀ ਇਤਰਾਜ਼ ਜਾਂ ਸੁਝਾਅ ਨਿਰਧਾਰਤ ਸਮੇਂ ਅੰਦਰ ਦਿੱਤੇ ਜਾ ਸਕਦੇ ਹਨ। ਸਬੰਧਤ ਨਕਸ਼ੇ ਅਤੇ ਦਸਤਾਵੇਜ਼ ਦਫ਼ਤਰੀ ਸਮੇਂ ਦੌਰਾਨ ਦੇਖੇ ਜਾ ਸਕਦੇ ਹਨ। ਨਿਰਧਾਰਤ ਸਮਾਂ ਬੀਤਣ ਉਪਰੰਤ ਪ੍ਰਾਪਤ ਇਤਰਾਜ਼ਾਂ ਉੱਤੇ ਵਿਚਾਰ ਨਹੀਂ ਕੀਤਾ ਜਾਵੇਗਾ।
ਪੰਜਾਬ ਸਰਕਾਰ ਨੇ ਪੰਜਾਬ ਖੇਤਰੀ ਅਤੇ ਟਾਊਨ ਪਲਾਨਿੰਗ ਅਤੇ ਵਿਕਾਸ ਐਕਟ 1995 ਦੀ ਧਾਰਾ ਅਧੀਨ ਪ੍ਰਾਪਤ ਸ਼ਕਤੀਆਂ ਦੀ ਵਰਤੋਂ ਕਰਦੇ ਹੋਏ ਸ਼ਹਿਰੀ ਯੋਜਨਾ ਦੀ ਪ੍ਰਵਾਨਗੀ ਸੰਬੰਧੀ ਨੋਟੀਫਿਕੇਸ਼ਨ ਜਾਰੀ ਕੀਤਾ ਹੈ। ਇਸ ਯੋਜਨਾ ਸੰਬੰਧੀ ਕੋਈ ਵੀ ਇਤਰਾਜ਼ ਜਾਂ ਸੁਝਾਅ ਨਿਰਧਾਰਤ ਸਮੇਂ ਅੰਦਰ ਦਿੱਤੇ ਜਾ ਸਕਦੇ ਹਨ। ਸਬੰਧਤ ਨਕਸ਼ੇ ਅਤੇ ਦਸਤਾਵੇਜ਼ ਦਫ਼ਤਰੀ ਸਮੇਂ ਦੌਰਾਨ ਦੇਖੇ ਜਾ ਸਕਦੇ ਹਨ। ਨਿਰਧਾਰਤ ਸਮਾਂ ਬੀਤਣ ਉਪਰੰਤ ਪ੍ਰਾਪਤ ਇਤਰਾਜ਼ਾਂ ਉੱਤੇ ਵਿਚਾਰ ਨਹੀਂ ਕੀਤਾ ਜਾਵੇਗਾ।
1. ਇਹ ਯੋਜਨਾ ਸਰਕਾਰ ਦੀ ਪ੍ਰਵਾਨਗੀ ਨਾਲ ਲਾਗੂ ਹੋਵੇਗੀ।
2. ਵਿਕਾਸ ਦੇ ਕੰਮ ਨਿਰਧਾਰਤ ਨਿਯਮਾਂ ਅਨੁਸਾਰ ਕੀਤੇ ਜਾਣਗੇ।
3. ਇਤਰਾਜ਼ ਲਿਖਤੀ ਰੂਪ ਵਿਚ ਦਿੱਤੇ ਜਾਣ।
4. ਹੋਰ ਜਾਣਕਾਰੀ ਦਫ਼ਤਰ ਤੋਂ ਪ੍ਰਾਪਤ ਕੀਤੀ ਜਾ ਸਕਦੀ ਹੈ।
ਪੰਜਾਬ ਸਰਕਾਰ ਨੇ ਪੰਜਾਬ ਖੇਤਰੀ ਅਤੇ ਟਾਊਨ ਪਲਾਨਿੰਗ ਅਤੇ ਵਿਕਾਸ ਐਕਟ 1995 ਦੀ ਧਾਰਾ ਅਧੀਨ ਪ੍ਰਾਪਤ ਸ਼ਕਤੀਆਂ ਦੀ ਵਰਤੋਂ ਕਰਦੇ ਹੋਏ ਸ਼ਹਿਰੀ ਯੋਜਨਾ ਦੀ ਪ੍ਰਵਾਨਗੀ ਸੰਬੰਧੀ ਨੋਟੀਫਿਕੇਸ਼ਨ ਜਾਰੀ ਕੀਤਾ ਹੈ। ਇਸ ਯੋਜਨਾ ਸੰਬੰਧੀ ਕੋਈ ਵੀ ਇਤਰਾਜ਼ ਜਾਂ ਸੁਝਾਅ ਨਿਰਧਾਰਤ ਸਮੇਂ ਅੰਦਰ ਦਿੱਤੇ ਜਾ ਸਕਦੇ ਹਨ। ਸਬੰਧਤ ਨਕਸ਼ੇ ਅਤੇ ਦਸਤਾਵੇਜ਼ ਦਫ਼ਤਰੀ ਸਮੇਂ ਦੌਰਾਨ ਦੇਖੇ ਜਾ ਸਕਦੇ ਹਨ। ਨਿਰਧਾਰਤ ਸਮਾਂ ਬੀਤਣ ਉਪਰੰਤ ਪ੍ਰਾਪਤ ਇਤਰਾਜ਼ਾਂ ਉੱਤੇ ਵਿਚਾਰ ਨਹੀਂ ਕੀਤਾ ਜਾਵੇਗਾ।
ਪੰਜਾਬ ਸਰਕਾਰ ਨੇ ਪੰਜਾਬ ਖੇਤਰੀ ਅਤੇ ਟਾਊਨ ਪਲਾਨਿੰਗ ਅਤੇ ਵਿਕਾਸ ਐਕਟ 1995 ਦੀ ਧਾਰਾ ਅਧੀਨ ਪ੍ਰਾਪਤ ਸ਼ਕਤੀਆਂ ਦੀ ਵਰਤੋਂ ਕਰਦੇ ਹੋਏ ਸ਼ਹਿਰੀ ਯੋਜਨਾ ਦੀ ਪ੍ਰਵਾਨਗੀ ਸੰਬੰਧੀ ਨੋਟੀਫਿਕੇਸ਼ਨ ਜਾਰੀ ਕੀਤਾ ਹੈ। ਇਸ ਯੋਜਨਾ ਸੰਬੰਧੀ ਕੋਈ ਵੀ ਇਤਰਾਜ਼ ਜਾਂ ਸੁਝਾਅ ਨਿਰਧਾਰਤ ਸਮੇਂ ਅੰਦਰ ਦਿੱਤੇ ਜਾ ਸਕਦੇ ਹਨ। ਸਬੰਧਤ ਨਕਸ਼ੇ ਅਤੇ ਦਸਤਾਵੇਜ਼ ਦਫ਼ਤਰੀ ਸਮੇਂ ਦੌਰਾਨ ਦੇਖੇ ਜਾ ਸਕਦੇ ਹਨ। ਨਿਰਧਾਰਤ ਸਮਾਂ ਬੀਤਣ ਉਪਰੰਤ ਪ੍ਰਾਪਤ ਇਤਰਾਜ਼ਾਂ ਉੱਤੇ ਵਿਚਾਰ ਨਹੀਂ ਕੀਤਾ ਜਾਵੇਗਾ।
1	ਜ਼ਮੀਨ ਦੀ ਵਰਤੋਂ	15.112
2	ਸੜਕਾਂ	6.125
3	ਕੁੱਲ	21.237
ਪ੍ਰਮੁੱਖ ਸਕੱਤਰ, ਪੰਜਾਬ ਸਰਕਾਰ
PR-Advt. No. 120/12/2025-267721
ਪੰਜਾਬ ਸਰਕਾਰ
ਮਕਾਨ ਉਸਾਰੀ ਤੇ ਸ਼ਹਿਰੀ ਵਿਕਾਸ ਵਿਭਾਗ
(ਮਕਾਨ ਉਸਾਰੀ-1 ਸ਼ਾਖਾ)
ਸ਼ਹਿਰੀ ਯੋਜਨਾ ਪ੍ਰਵਾਨਗੀ ਸੰਬੰਧੀ ਨੋਟੀਫਿਕੇਸ਼ਨ
ਨੰ. HU-HUI1/2026-6H1-149	ਮਿਤੀ 05.02.2026
ਪੰਜਾਬ ਸਰਕਾਰ ਨੇ ਪੰਜਾਬ ਖੇਤਰੀ ਅਤੇ ਟਾਊਨ ਪਲਾਨਿੰਗ ਅਤੇ ਵਿਕਾਸ ਐਕਟ 1995 ਦੀ ਧਾਰਾ ਅਧੀਨ ਪ੍ਰਾਪਤ ਸ਼ਕਤੀਆਂ ਦੀ ਵਰਤੋਂ ਕਰਦੇ ਹੋਏ ਸ਼ਹਿਰੀ ਯੋਜਨਾ ਦੀ ਪ੍ਰਵਾਨਗੀ ਸੰਬੰਧੀ ਨੋਟੀਫਿਕੇਸ਼ਨ ਜਾਰੀ ਕੀਤਾ ਹੈ। ਇਸ ਯੋਜਨਾ ਸੰਬੰਧੀ ਕੋਈ ਵੀ ਇਤਰਾਜ਼ ਜਾਂ ਸੁਝਾਅ ਨਿਰਧਾਰਤ ਸਮੇਂ ਅੰਦਰ ਦਿੱਤੇ ਜਾ ਸਕਦੇ ਹਨ। ਸਬੰਧਤ ਨਕਸ਼ੇ ਅਤੇ ਦਸਤਾਵੇਜ਼ ਦਫ਼ਤਰੀ ਸਮੇਂ ਦੌਰਾਨ ਦੇਖੇ ਜਾ ਸਕਦੇ ਹਨ। ਨਿਰਧਾਰਤ ਸਮਾਂ ਬੀਤਣ ਉਪਰੰਤ ਪ੍ਰਾਪਤ ਇਤਰਾਜ਼ਾਂ ਉੱਤੇ ਵਿਚਾਰ ਨਹੀਂ ਕੀਤਾ ਜਾਵੇਗਾ।
ਪੰਜਾਬ ਸਰਕਾਰ ਨੇ ਪੰਜਾਬ ਖੇਤਰੀ ਅਤੇ ਟਾਊਨ ਪਲਾਨਿੰਗ ਅਤੇ ਵਿਕਾਸ ਐਕਟ 1995 ਦੀ ਧਾਰਾ ਅਧੀਨ ਪ੍ਰਾਪਤ ਸ਼ਕਤੀਆਂ ਦੀ ਵਰਤੋਂ ਕਰਦੇ ਹੋਏ ਸ਼ਹਿਰੀ ਯੋਜਨਾ ਦੀ ਪ੍ਰਵਾਨਗੀ ਸੰਬੰਧੀ ਨੋਟੀਫਿਕੇਸ਼ਨ ਜਾਰੀ ਕੀਤਾ ਹੈ। ਇਸ ਯੋਜਨਾ ਸੰਬੰਧੀ ਕੋਈ ਵੀ ਇਤਰਾਜ਼ ਜਾਂ ਸੁਝਾਅ ਨਿਰਧਾਰਤ ਸਮੇਂ ਅੰਦਰ ਦਿੱਤੇ ਜਾ ਸਕਦੇ ਹਨ। ਸਬੰਧਤ ਨਕਸ਼ੇ ਅਤੇ ਦਸਤਾਵੇਜ਼ ਦਫ਼ਤਰੀ ਸਮੇਂ ਦੌਰਾਨ ਦੇਖੇ ਜਾ ਸਕਦੇ ਹਨ। ਨਿਰਧਾਰਤ ਸਮਾਂ ਬੀਤਣ ਉਪਰੰਤ ਪ੍ਰਾਪਤ ਇਤਰਾਜ਼ਾਂ ਉੱਤੇ ਵਿਚਾਰ ਨਹੀਂ ਕੀਤਾ ਜਾਵੇਗਾ।
1. ਇਹ ਯੋਜਨਾ ਸਰਕਾਰ ਦੀ ਪ੍ਰਵਾਨਗੀ ਨਾਲ ਲਾਗੂ ਹੋਵੇਗੀ।
2. ਵਿਕਾਸ ਦੇ ਕੰਮ ਨਿਰਧਾਰਤ ਨਿਯਮਾਂ ਅਨੁਸਾਰ ਕੀਤੇ ਜਾਣਗੇ।
3. ਇਤਰਾਜ਼ ਲਿਖਤੀ ਰੂਪ ਵਿਚ ਦਿੱਤੇ ਜਾਣ।
4. ਹੋਰ ਜਾਣਕਾਰੀ ਦਫ਼ਤਰ ਤੋਂ ਪ੍ਰਾਪਤ ਕੀਤੀ ਜਾ ਸਕਦੀ ਹੈ।
ਪੰਜਾਬ ਸਰਕਾਰ ਨੇ ਪੰਜਾਬ ਖੇਤਰੀ ਅਤੇ ਟਾਊਨ ਪਲਾਨਿੰਗ ਅਤੇ ਵਿਕਾਸ ਐਕਟ 1995 ਦੀ ਧਾਰਾ ਅਧੀਨ ਪ੍ਰਾਪਤ ਸ਼ਕਤੀਆਂ ਦੀ ਵਰਤੋਂ ਕਰਦੇ ਹੋਏ ਸ਼ਹਿਰੀ ਯੋਜਨਾ ਦੀ ਪ੍ਰਵਾਨਗੀ ਸੰਬੰਧੀ ਨੋਟੀਫਿਕੇਸ਼ਨ ਜਾਰੀ ਕੀਤਾ ਹੈ। ਇਸ ਯੋਜਨਾ ਸੰਬੰਧੀ ਕੋਈ ਵੀ ਇਤਰਾਜ਼ ਜਾਂ ਸੁਝਾਅ ਨਿਰਧਾਰਤ ਸਮੇਂ ਅੰਦਰ ਦਿੱਤੇ ਜਾ ਸਕਦੇ ਹਨ। ਸਬੰਧਤ ਨਕਸ਼ੇ ਅਤੇ ਦਸਤਾਵੇਜ਼ ਦਫ਼ਤਰੀ ਸਮੇਂ ਦੌਰਾਨ ਦੇਖੇ ਜਾ ਸਕਦੇ ਹਨ। ਨਿਰਧਾਰਤ ਸਮਾਂ ਬੀਤਣ ਉਪਰੰਤ ਪ੍ਰਾਪਤ ਇਤਰਾਜ਼ਾਂ ਉੱਤੇ ਵਿਚਾਰ ਨਹੀਂ ਕੀਤਾ ਜਾਵੇਗਾ।
ਪੰਜਾਬ ਸਰਕਾਰ ਨੇ ਪੰਜਾਬ ਖੇਤਰੀ ਅਤੇ ਟਾਊਨ ਪਲਾਨਿੰਗ ਅਤੇ ਵਿਕਾਸ ਐਕਟ 1995 ਦੀ ਧਾਰਾ ਅਧੀਨ ਪ੍ਰਾਪਤ ਸ਼ਕਤੀਆਂ ਦੀ ਵਰਤੋਂ ਕਰਦੇ ਹੋਏ ਸ਼ਹਿਰੀ ਯੋਜਨਾ ਦੀ ਪ੍ਰਵਾਨਗੀ ਸੰਬੰਧੀ ਨੋਟੀਫਿਕੇਸ਼ਨ ਜਾਰੀ ਕੀਤਾ ਹੈ। ਇਸ ਯੋਜਨਾ ਸੰਬੰਧੀ ਕੋਈ ਵੀ ਇਤਰਾਜ਼ ਜਾਂ ਸੁਝਾਅ ਨਿਰਧਾਰਤ ਸਮੇਂ ਅੰਦਰ ਦਿੱਤੇ ਜਾ ਸਕਦੇ ਹਨ। ਸਬੰਧਤ ਨਕਸ਼ੇ ਅਤੇ ਦਸਤਾਵੇਜ਼ ਦਫ਼ਤਰੀ ਸਮੇਂ ਦੌਰਾਨ ਦੇਖੇ ਜਾ ਸਕਦੇ ਹਨ। ਨਿਰਧਾਰਤ ਸਮਾਂ ਬੀਤਣ ਉਪਰੰਤ ਪ੍ਰਾਪਤ ਇਤਰਾਜ਼ਾਂ ਉੱਤੇ ਵਿਚਾਰ ਨਹੀਂ ਕੀਤਾ ਜਾਵੇਗਾ।
1	ਜ਼ਮੀਨ ਦੀ ਵਰਤੋਂ	6.0
2	ਕੁੱਲ	1.000
ਪ੍ਰਮੁੱਖ ਸਕੱਤਰ, ਪੰਜਾਬ ਸਰਕਾਰ
PR-Advt. No. 120/11/2025-267914
